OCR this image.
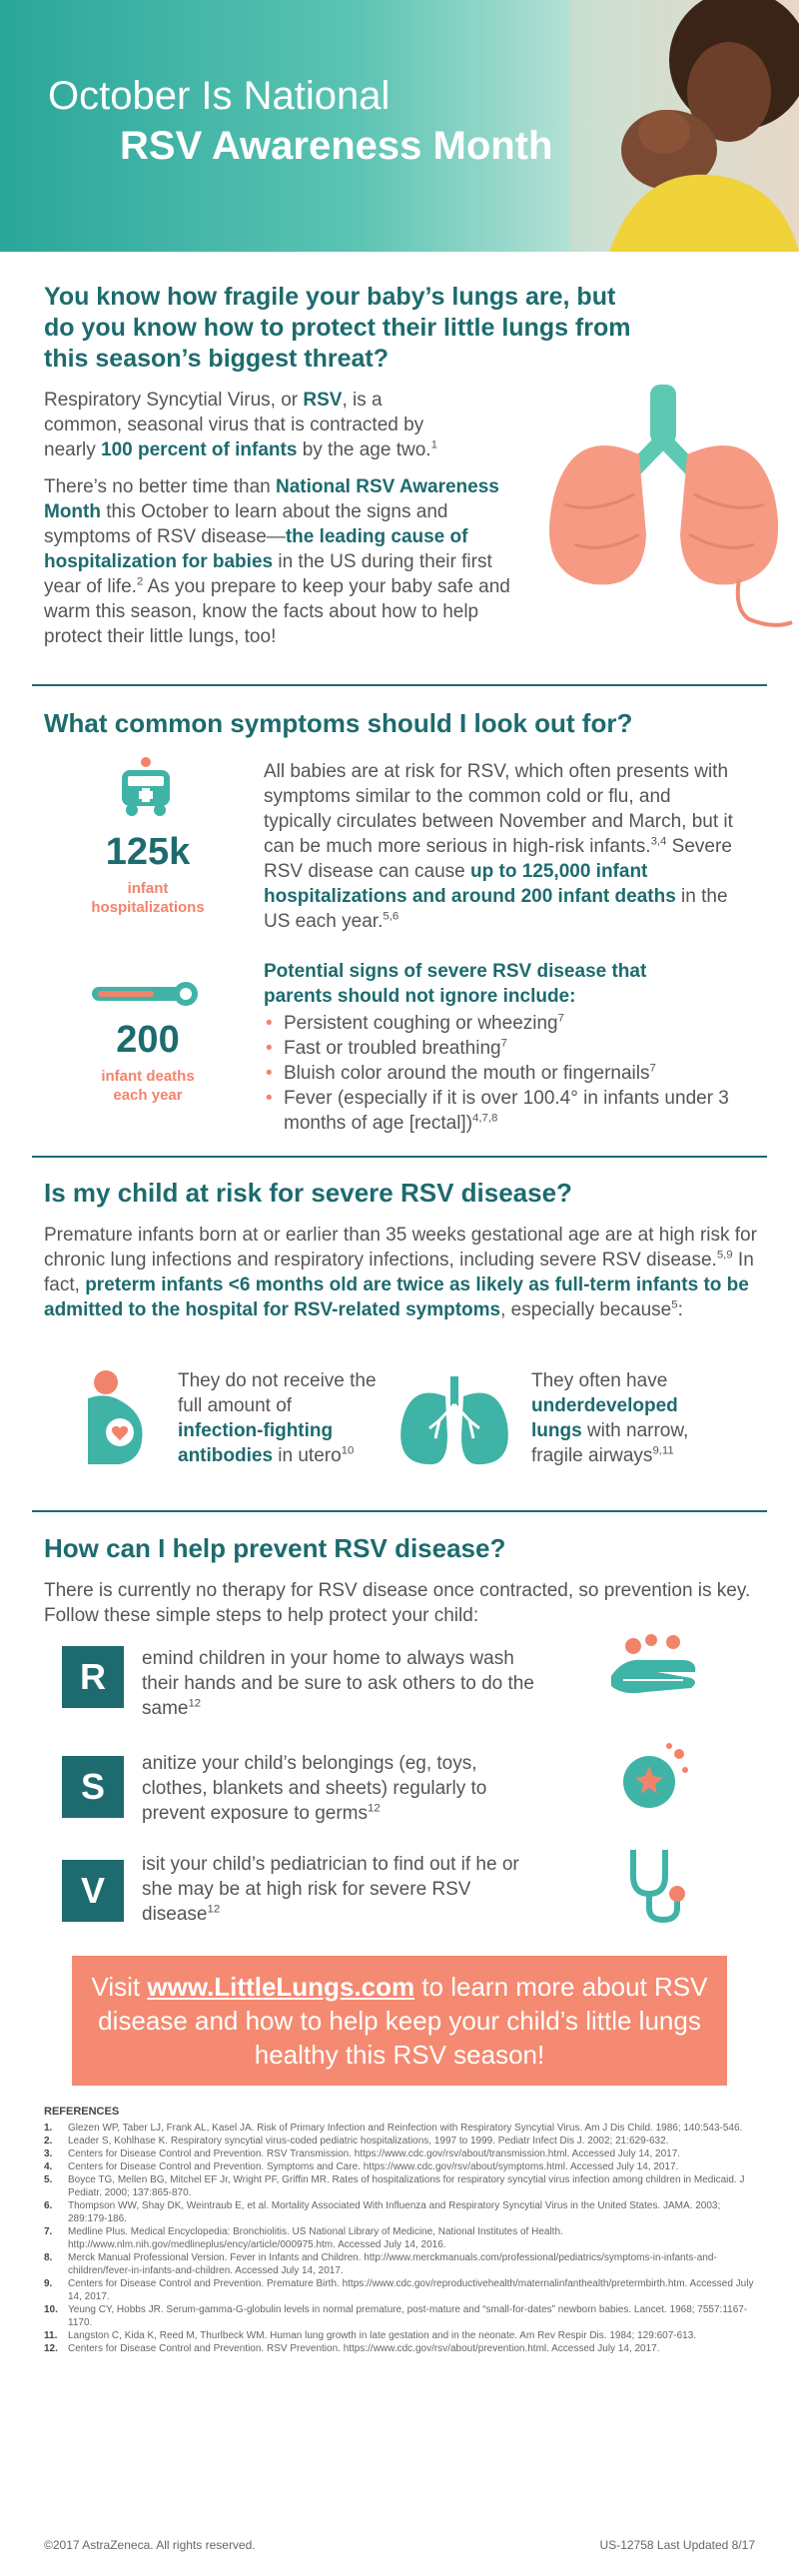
October Is National
RSV Awareness Month
You know how fragile your baby’s lungs are, but do you know how to protect their little lungs from this season’s biggest threat?
Respiratory Syncytial Virus, or RSV, is a common, seasonal virus that is contracted by nearly 100 percent of infants by the age two.$^1$
There’s no better time than National RSV Awareness Month this October to learn about the signs and symptoms of RSV disease—the leading cause of hospitalization for babies in the US during their first year of life.$^2$ As you prepare to keep your baby safe and warm this season, know the facts about how to help protect their little lungs, too!
What common symptoms should I look out for?
125k
infant hospitalizations
200
infant deaths each year
All babies are at risk for RSV, which often presents with symptoms similar to the common cold or flu, and typically circulates between November and March, but it can be much more serious in high-risk infants.$^{3,4}$ Severe RSV disease can cause up to 125,000 infant hospitalizations and around 200 infant deaths in the US each year.$^{5,6}$
Potential signs of severe RSV disease that parents should not ignore include:
• Persistent coughing or wheezing$^7$
• Fast or troubled breathing$^7$
• Bluish color around the mouth or fingernails$^7$
• Fever (especially if it is over 100.4° in infants under 3 months of age [rectal])$^{4,7,8}$
Is my child at risk for severe RSV disease?
Premature infants born at or earlier than 35 weeks gestational age are at high risk for chronic lung infections and respiratory infections, including severe RSV disease.$^{5,9}$ In fact, preterm infants <6 months old are twice as likely as full-term infants to be admitted to the hospital for RSV-related symptoms, especially because$^5$:
They do not receive the full amount of infection-fighting antibodies in utero$^{10}$
They often have underdeveloped lungs with narrow, fragile airways$^{9,11}$
How can I help prevent RSV disease?
There is currently no therapy for RSV disease once contracted, so prevention is key. Follow these simple steps to help protect your child:
R	emind children in your home to always wash their hands and be sure to ask others to do the same$^{12}$
S
anitize your child’s belongings (eg, toys, clothes, blankets and sheets) regularly to prevent exposure to germs$^{12}$
V
isit your child’s pediatrician to find out if he or she may be at high risk for severe RSV disease$^{12}$
Visit www.LittleLungs.com to learn more about RSV disease and how to help keep your child’s little lungs healthy this RSV season!
REFERENCES
1. Glezen WP, Taber LJ, Frank AL, Kasel JA. Risk of Primary Infection and Reinfection with Respiratory Syncytial Virus. Am J Dis Child. 1986; 140:543-546.
2. Leader S, Kohlhase K. Respiratory syncytial virus-coded pediatric hospitalizations, 1997 to 1999. Pediatr Infect Dis J. 2002; 21:629-632.
3. Centers for Disease Control and Prevention. RSV Transmission. https://www.cdc.gov/rsv/about/transmission.html. Accessed July 14, 2017.
4. Centers for Disease Control and Prevention. Symptoms and Care. https://www.cdc.gov/rsv/about/symptoms.html. Accessed July 14, 2017.
5. Boyce TG, Mellen BG, Mitchel EF Jr, Wright PF, Griffin MR. Rates of hospitalizations for respiratory syncytial virus infection among children in Medicaid. J Pediatr. 2000; 137:865-870.
6. Thompson WW, Shay DK, Weintraub E, et al. Mortality Associated With Influenza and Respiratory Syncytial Virus in the United States. JAMA. 2003; 289:179-186.
7. Medline Plus. Medical Encyclopedia: Bronchiolitis. US National Library of Medicine, National Institutes of Health. http://www.nlm.nih.gov/medlineplus/ency/article/000975.htm. Accessed July 14, 2016.
8. Merck Manual Professional Version. Fever in Infants and Children. http://www.merckmanuals.com/professional/pediatrics/symptoms-in-infants-and-children/fever-in-infants-and-children. Accessed July 14, 2017.
9. Centers for Disease Control and Prevention. Premature Birth. https://www.cdc.gov/reproductivehealth/maternalinfanthealth/pretermbirth.htm. Accessed July 14, 2017.
10. Yeung CY, Hobbs JR. Serum-gamma-G-globulin levels in normal premature, post-mature and “small-for-dates” newborn babies. Lancet. 1968; 7557:1167-1170.
11. Langston C, Kida K, Reed M, Thurlbeck WM. Human lung growth in late gestation and in the neonate. Am Rev Respir Dis. 1984; 129:607-613.
12. Centers for Disease Control and Prevention. RSV Prevention. https://www.cdc.gov/rsv/about/prevention.html. Accessed July 14, 2017.
©2017 AstraZeneca. All rights reserved.	US-12758 Last Updated 8/17
